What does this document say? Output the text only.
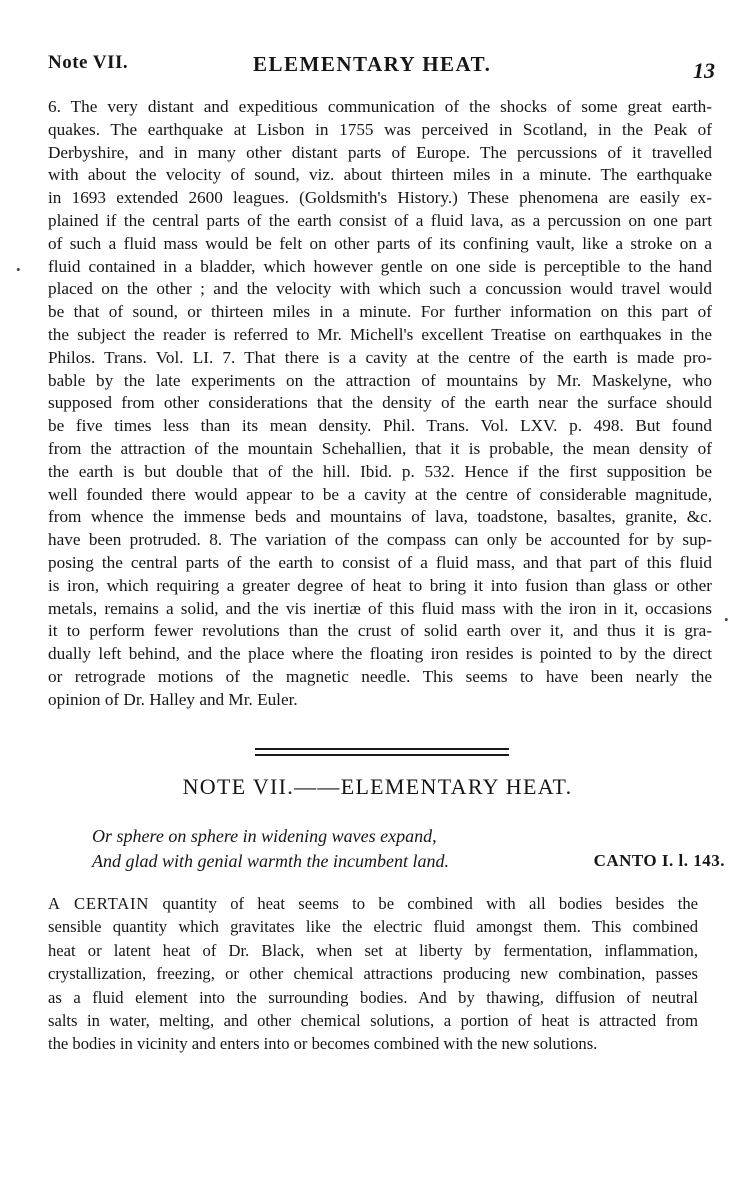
Note VII.	ELEMENTARY HEAT.	13
6. The very distant and expeditious communication of the shocks of some great earth-
quakes. The earthquake at Lisbon in 1755 was perceived in Scotland, in the Peak of
Derbyshire, and in many other distant parts of Europe. The percussions of it travelled
with about the velocity of sound, viz. about thirteen miles in a minute. The earthquake
in 1693 extended 2600 leagues. (Goldsmith's History.) These phenomena are easily ex-
plained if the central parts of the earth consist of a fluid lava, as a percussion on one part
of such a fluid mass would be felt on other parts of its confining vault, like a stroke on a
fluid contained in a bladder, which however gentle on one side is perceptible to the hand
placed on the other ; and the velocity with which such a concussion would travel would
be that of sound, or thirteen miles in a minute. For further information on this part of
the subject the reader is referred to Mr. Michell's excellent Treatise on earthquakes in the
Philos. Trans. Vol. LI. 7. That there is a cavity at the centre of the earth is made pro-
bable by the late experiments on the attraction of mountains by Mr. Maskelyne, who
supposed from other considerations that the density of the earth near the surface should
be five times less than its mean density. Phil. Trans. Vol. LXV. p. 498. But found
from the attraction of the mountain Schehallien, that it is probable, the mean density of
the earth is but double that of the hill. Ibid. p. 532. Hence if the first supposition be
well founded there would appear to be a cavity at the centre of considerable magnitude,
from whence the immense beds and mountains of lava, toadstone, basaltes, granite, &c.
have been protruded. 8. The variation of the compass can only be accounted for by sup-
posing the central parts of the earth to consist of a fluid mass, and that part of this fluid
is iron, which requiring a greater degree of heat to bring it into fusion than glass or other
metals, remains a solid, and the vis inertiæ of this fluid mass with the iron in it, occasions
it to perform fewer revolutions than the crust of solid earth over it, and thus it is gra-
dually left behind, and the place where the floating iron resides is pointed to by the direct
or retrograde motions of the magnetic needle. This seems to have been nearly the
opinion of Dr. Halley and Mr. Euler.
NOTE VII.——ELEMENTARY HEAT.
Or sphere on sphere in widening waves expand,
And glad with genial warmth the incumbent land.	CANTO I. l. 143.
A CERTAIN quantity of heat seems to be combined with all bodies besides the
sensible quantity which gravitates like the electric fluid amongst them. This combined
heat or latent heat of Dr. Black, when set at liberty by fermentation, inflammation,
crystallization, freezing, or other chemical attractions producing new combination, passes
as a fluid element into the surrounding bodies. And by thawing, diffusion of neutral
salts in water, melting, and other chemical solutions, a portion of heat is attracted from
the bodies in vicinity and enters into or becomes combined with the new solutions.
•
•
